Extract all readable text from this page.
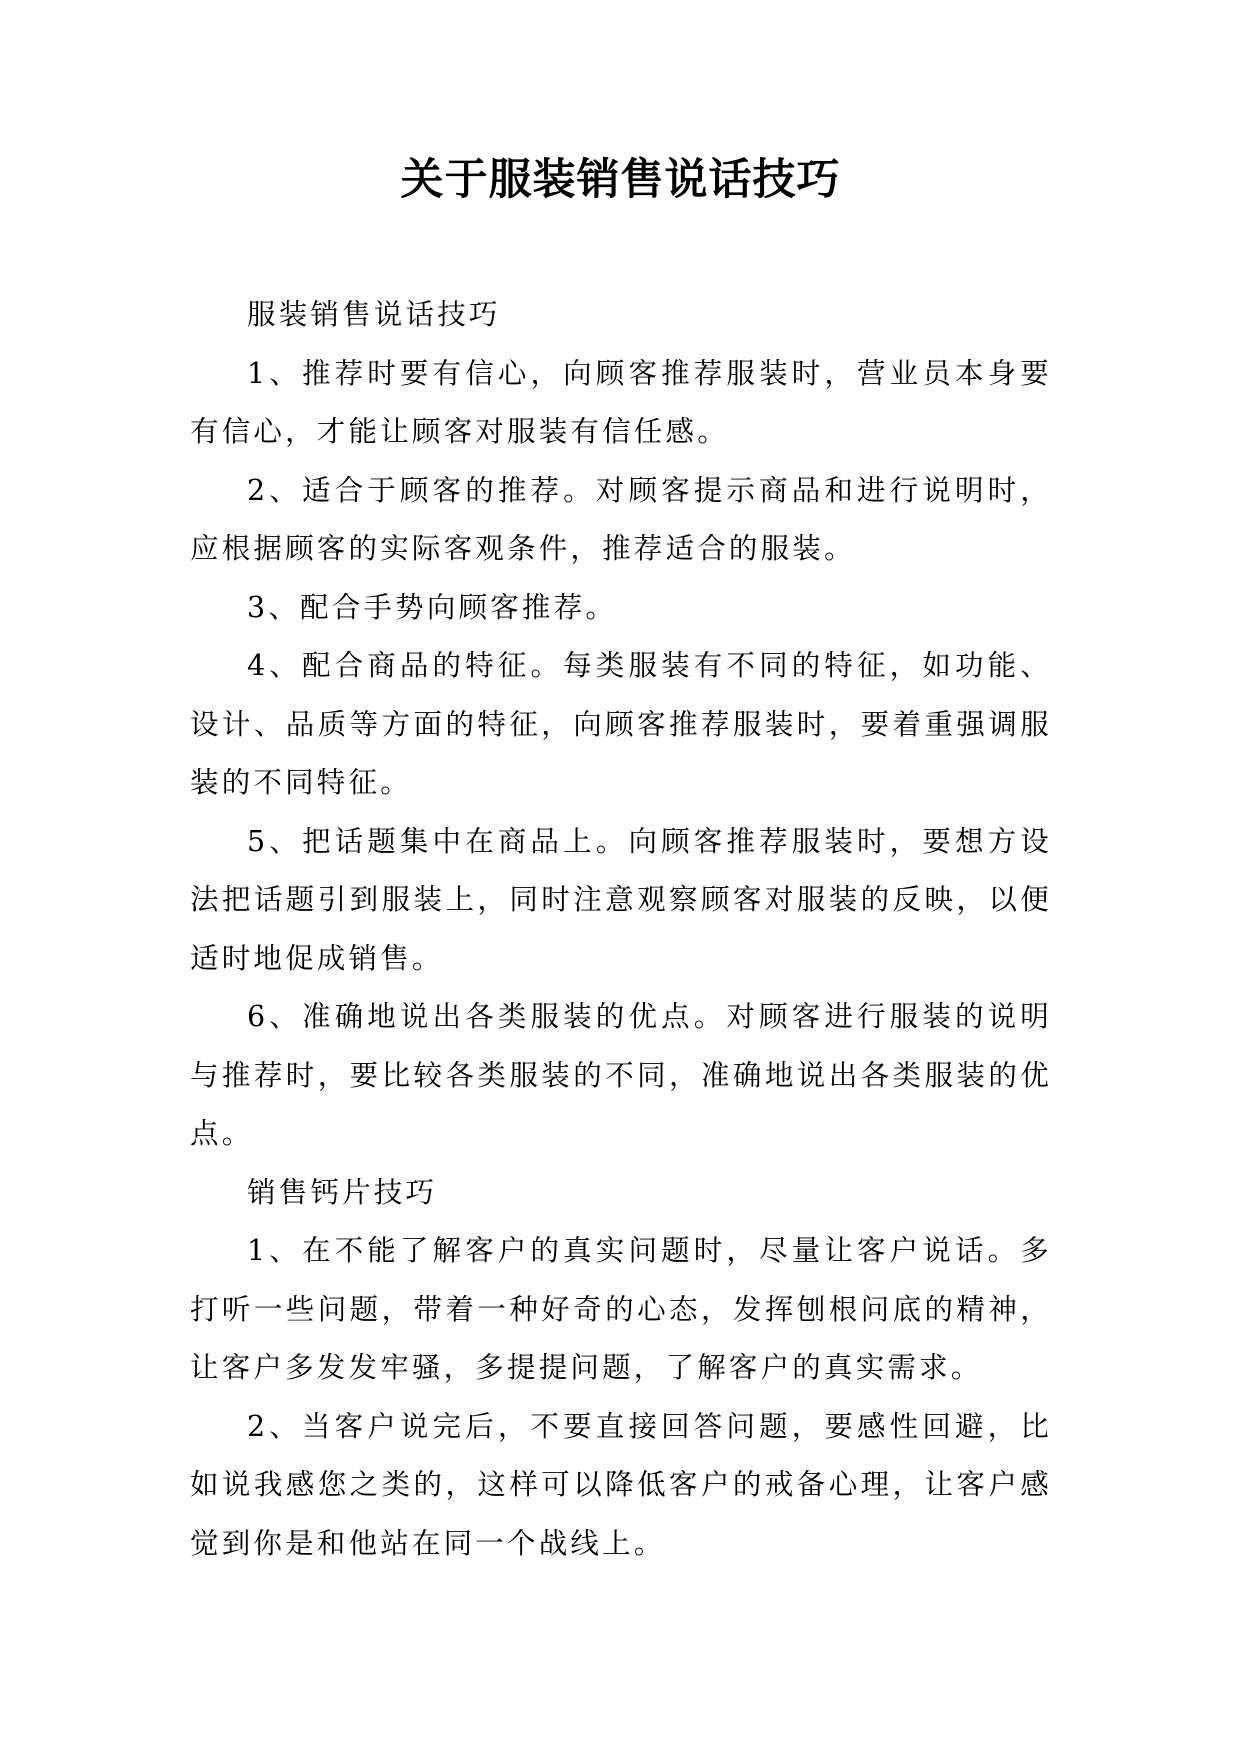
关于服装销售说话技巧

服装销售说话技巧

1、推荐时要有信心，向顾客推荐服装时，营业员本身要有信心，才能让顾客对服装有信任感。

2、适合于顾客的推荐。对顾客提示商品和进行说明时，应根据顾客的实际客观条件，推荐适合的服装。

3、配合手势向顾客推荐。

4、配合商品的特征。每类服装有不同的特征，如功能、设计、品质等方面的特征，向顾客推荐服装时，要着重强调服装的不同特征。

5、把话题集中在商品上。向顾客推荐服装时，要想方设法把话题引到服装上，同时注意观察顾客对服装的反映，以便适时地促成销售。

6、准确地说出各类服装的优点。对顾客进行服装的说明与推荐时，要比较各类服装的不同，准确地说出各类服装的优点。

销售钙片技巧

1、在不能了解客户的真实问题时，尽量让客户说话。多打听一些问题，带着一种好奇的心态，发挥刨根问底的精神，让客户多发发牢骚，多提提问题，了解客户的真实需求。

2、当客户说完后，不要直接回答问题，要感性回避，比如说我感您之类的，这样可以降低客户的戒备心理，让客户感觉到你是和他站在同一个战线上。
